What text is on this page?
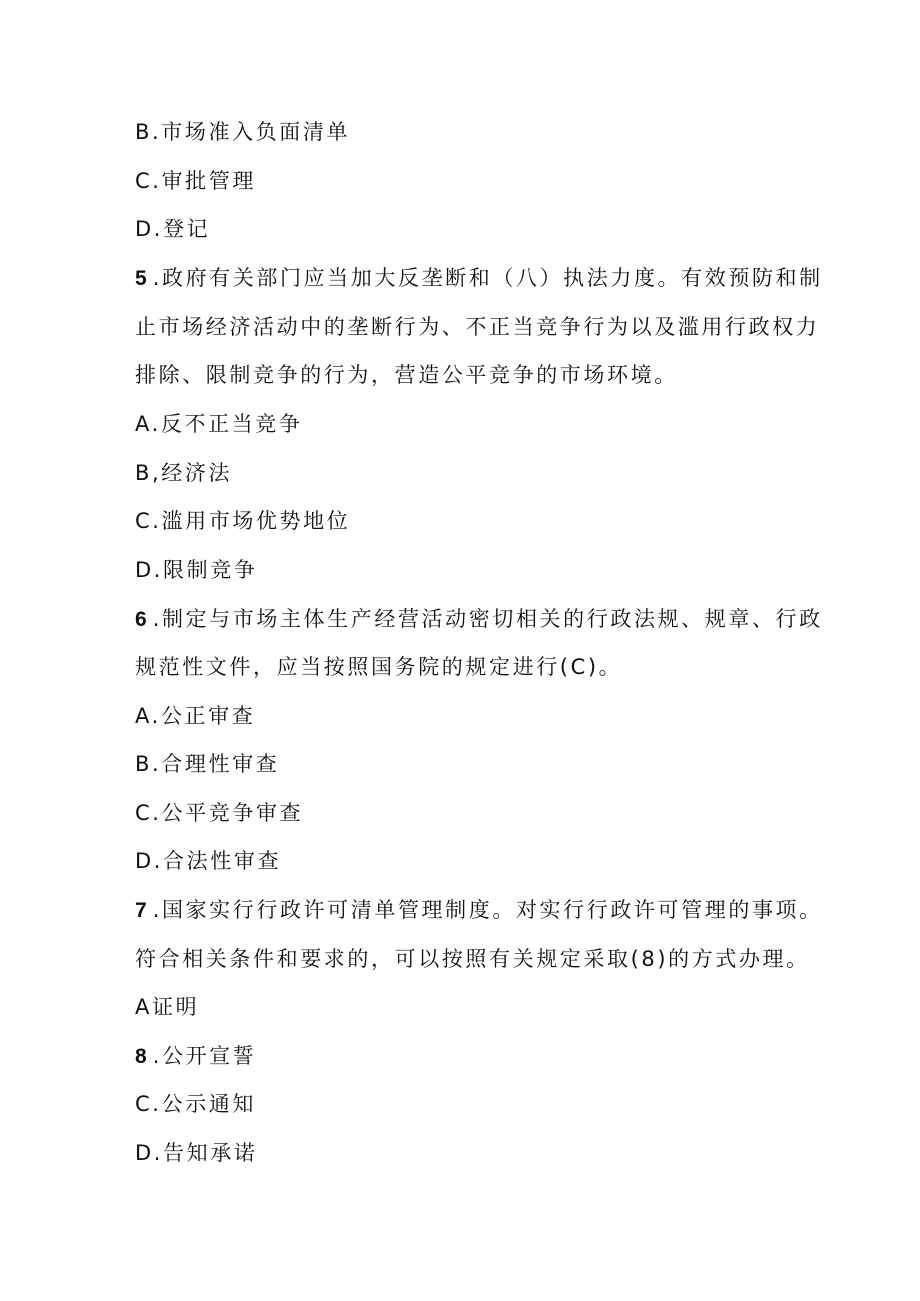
B.市场准入负面清单
C.审批管理
D.登记
5 .政府有关部门应当加大反垄断和（八）执法力度。有效预防和制
止市场经济活动中的垄断行为、不正当竞争行为以及滥用行政权力
排除、限制竞争的行为，营造公平竞争的市场环境。
A.反不正当竞争
B,经济法
C.滥用市场优势地位
D.限制竞争
6 .制定与市场主体生产经营活动密切相关的行政法规、规章、行政
规范性文件，应当按照国务院的规定进行(C)。
A.公正审查
B.合理性审查
C.公平竞争审查
D.合法性审查
7 .国家实行行政许可清单管理制度。对实行行政许可管理的事项。
符合相关条件和要求的，可以按照有关规定采取(8)的方式办理。
A证明
8 .公开宣誓
C.公示通知
D.告知承诺
